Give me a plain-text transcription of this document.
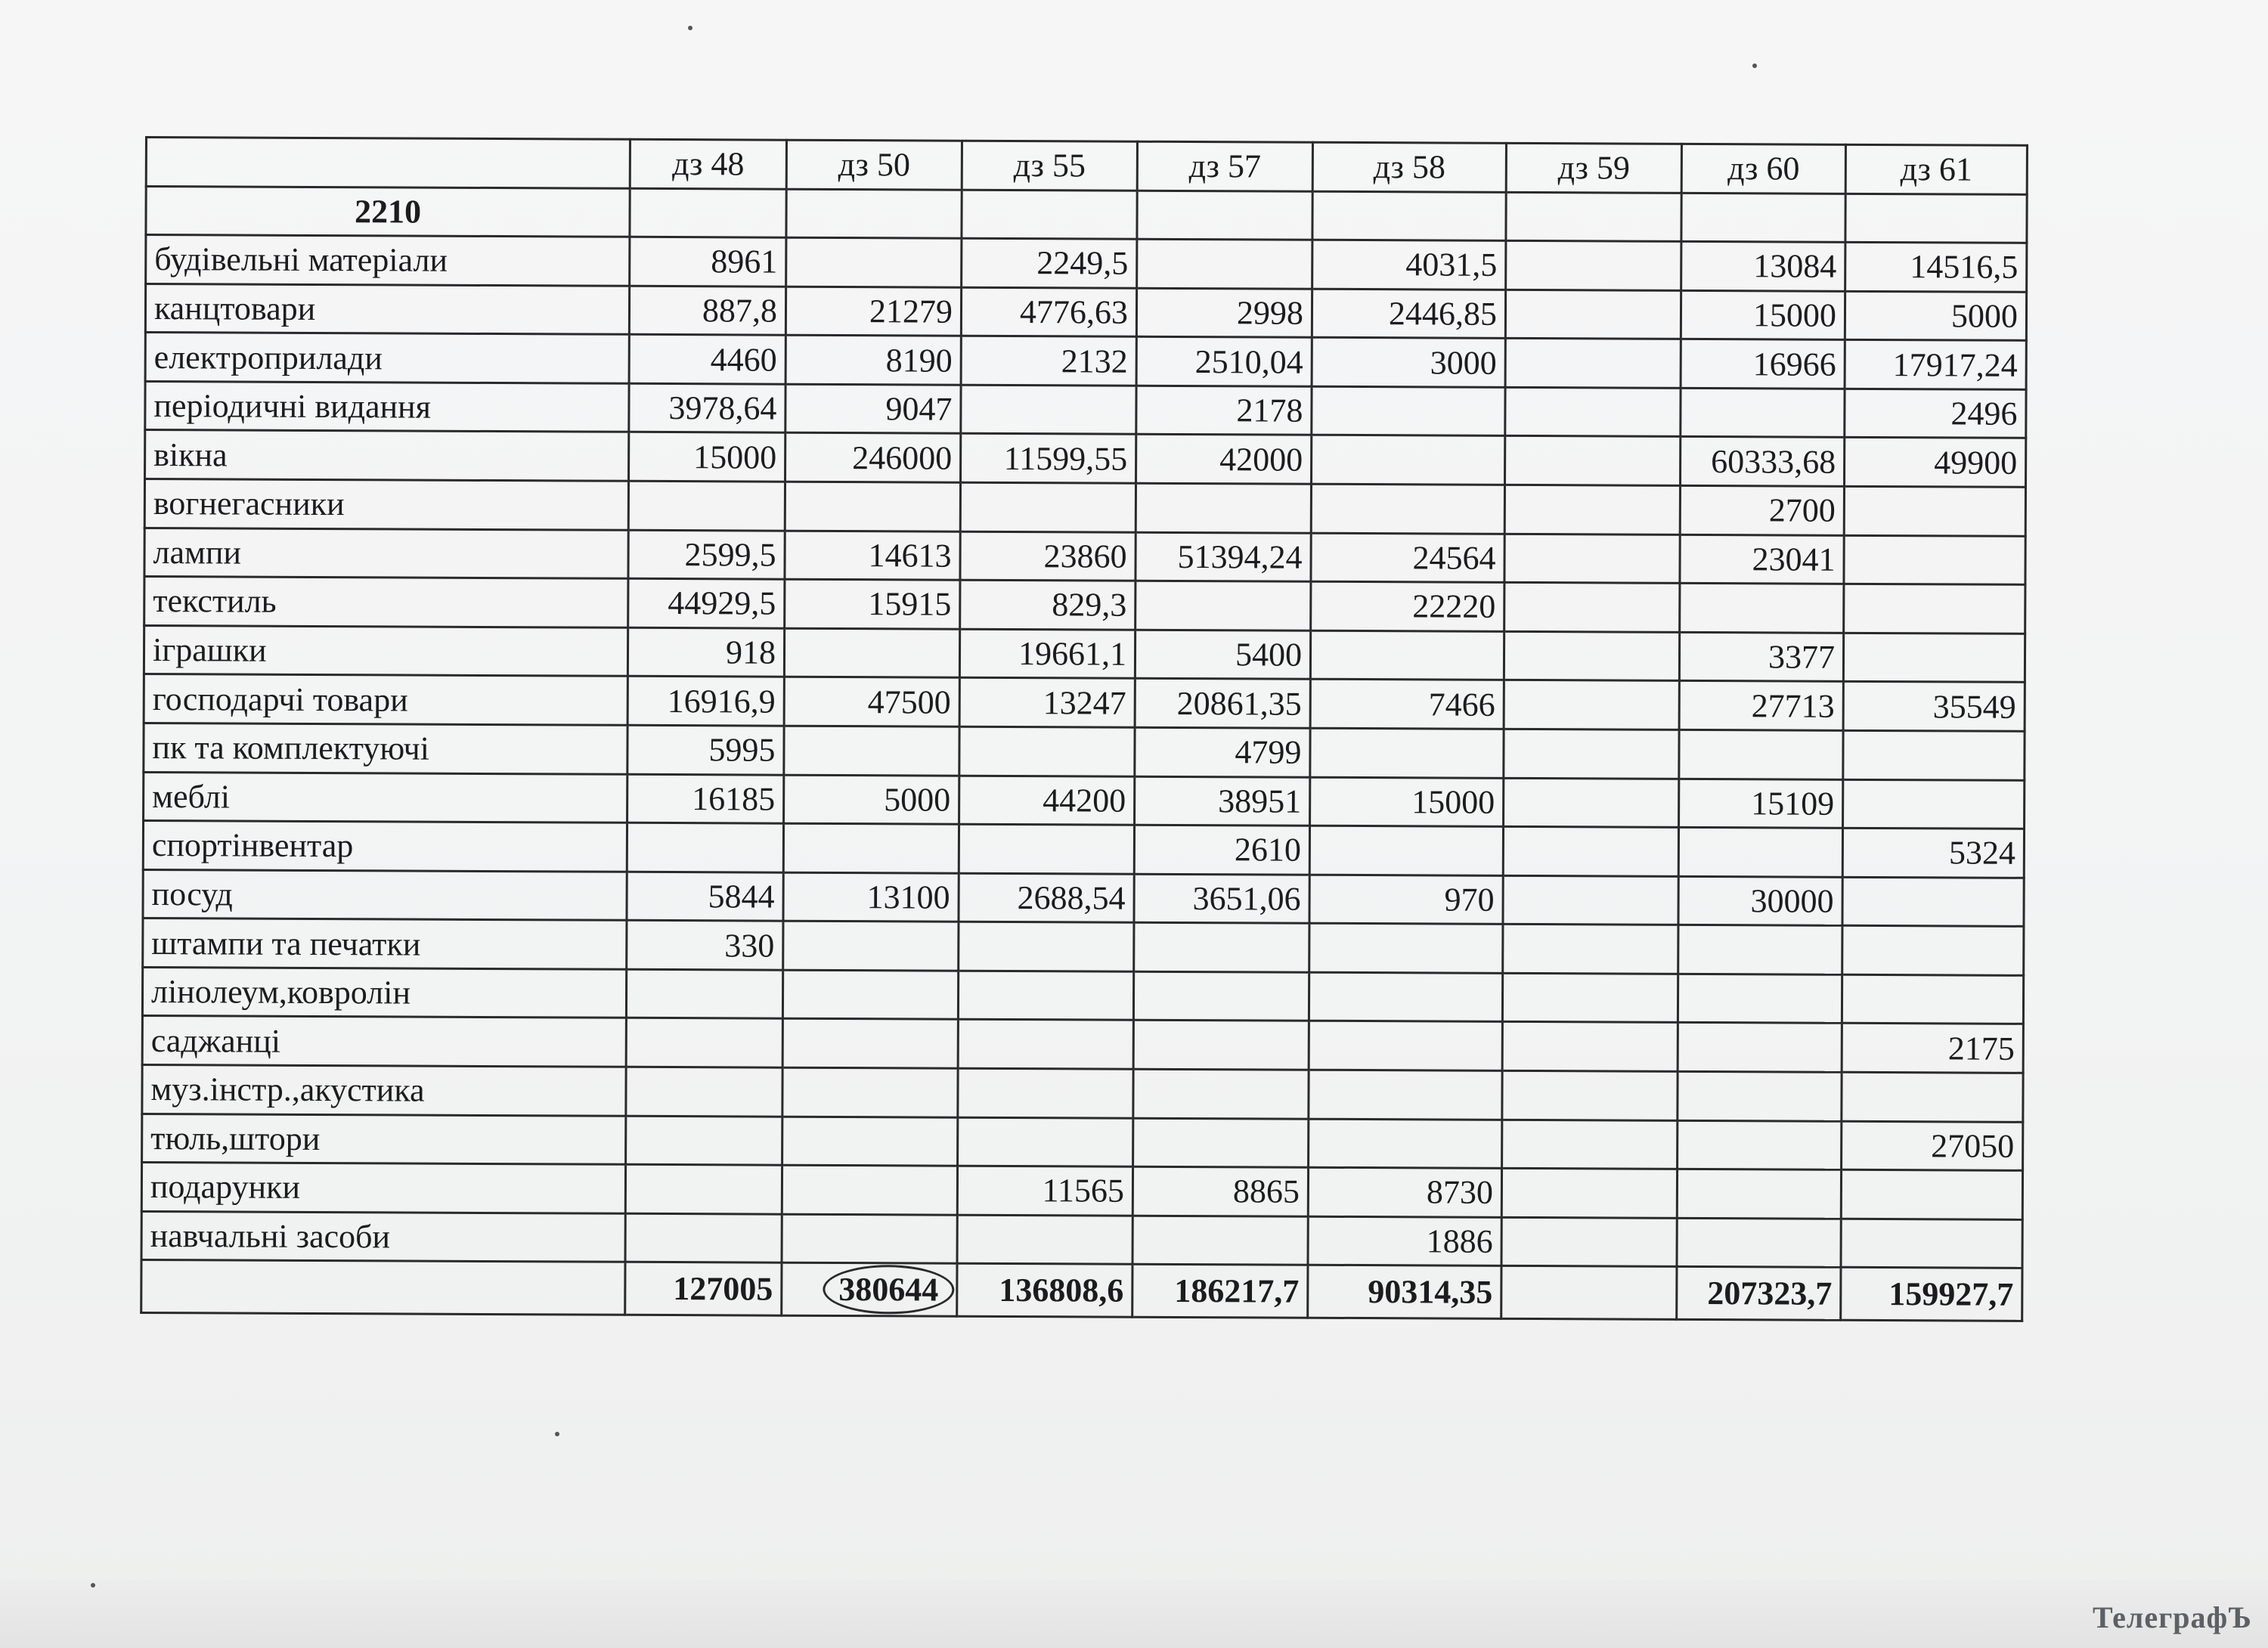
	дз 48	дз 50	дз 55	дз 57	дз 58	дз 59	дз 60	дз 61
2210								
будівельні матеріали	8961		2249,5		4031,5		13084	14516,5
канцтовари	887,8	21279	4776,63	2998	2446,85		15000	5000
електроприлади	4460	8190	2132	2510,04	3000		16966	17917,24
періодичні видання	3978,64	9047		2178				2496
вікна	15000	246000	11599,55	42000			60333,68	49900
вогнегасники							2700	
лампи	2599,5	14613	23860	51394,24	24564		23041	
текстиль	44929,5	15915	829,3		22220			
іграшки	918		19661,1	5400			3377	
господарчі товари	16916,9	47500	13247	20861,35	7466		27713	35549
пк та комплектуючі	5995			4799				
меблі	16185	5000	44200	38951	15000		15109	
спортінвентар				2610				5324
посуд	5844	13100	2688,54	3651,06	970		30000	
штампи та печатки	330							
лінолеум,ковролін								
саджанці								2175
муз.інстр.,акустика								
тюль,штори								27050
подарунки			11565	8865	8730			
навчальні засоби					1886			
	127005	380644	136808,6	186217,7	90314,35		207323,7	159927,7
ТелеграфЪ
